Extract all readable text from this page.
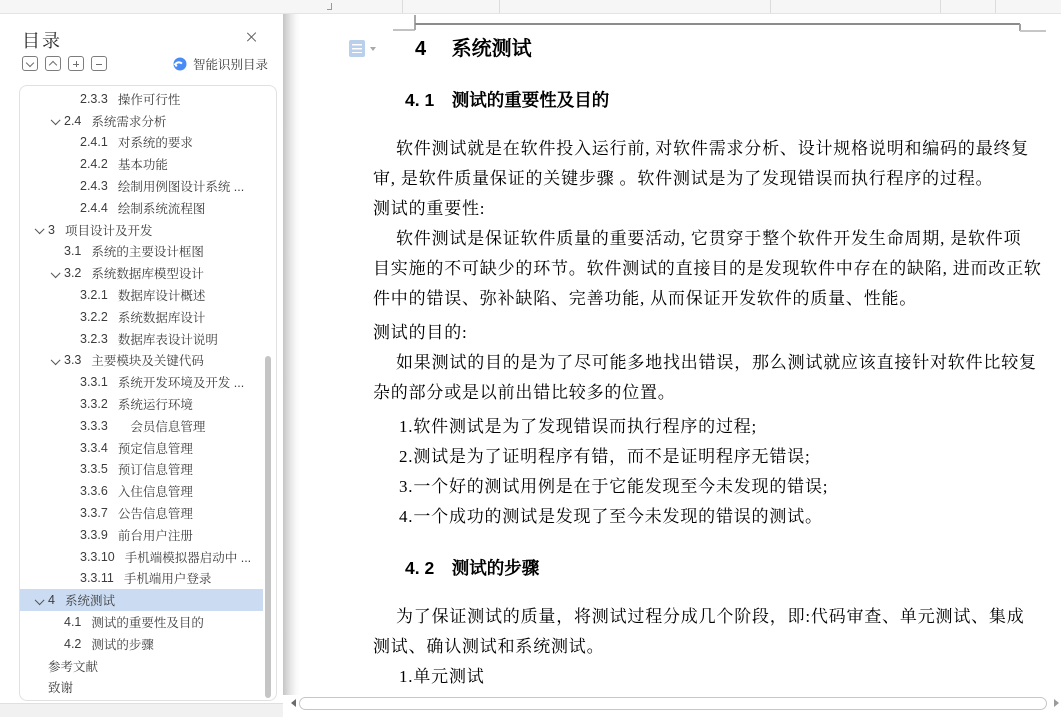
目录
智能识别目录
2.3.3 操作可行性
2.4 系统需求分析
2.4.1 对系统的要求
2.4.2 基本功能
2.4.3 绘制用例图设计系统 ...
2.4.4 绘制系统流程图
3 项目设计及开发
3.1 系统的主要设计框图
3.2 系统数据库模型设计
3.2.1 数据库设计概述
3.2.2 系统数据库设计
3.2.3 数据库表设计说明
3.3 主要模块及关键代码
3.3.1 系统开发环境及开发 ...
3.3.2 系统运行环境
3.3.3 　会员信息管理
3.3.4 预定信息管理
3.3.5 预订信息管理
3.3.6 入住信息管理
3.3.7 公告信息管理
3.3.9 前台用户注册
3.3.10 手机端模拟器启动中 ...
3.3.11 手机端用户登录
4 系统测试
4.1 测试的重要性及目的
4.2 测试的步骤
参考文献
致谢
4　 系统测试
4. 1　测试的重要性及目的
软件测试就是在软件投入运行前, 对软件需求分析、设计规格说明和编码的最终复
审, 是软件质量保证的关键步骤 。软件测试是为了发现错误而执行程序的过程。
测试的重要性:
软件测试是保证软件质量的重要活动, 它贯穿于整个软件开发生命周期, 是软件项
目实施的不可缺少的环节。软件测试的直接目的是发现软件中存在的缺陷, 进而改正软
件中的错误、弥补缺陷、完善功能, 从而保证开发软件的质量、性能。
测试的目的:
如果测试的目的是为了尽可能多地找出错误，那么测试就应该直接针对软件比较复
杂的部分或是以前出错比较多的位置。
1.软件测试是为了发现错误而执行程序的过程;
2.测试是为了证明程序有错，而不是证明程序无错误;
3.一个好的测试用例是在于它能发现至今未发现的错误;
4.一个成功的测试是发现了至今未发现的错误的测试。
4. 2　测试的步骤
为了保证测试的质量，将测试过程分成几个阶段，即:代码审查、单元测试、集成
测试、确认测试和系统测试。
1.单元测试
